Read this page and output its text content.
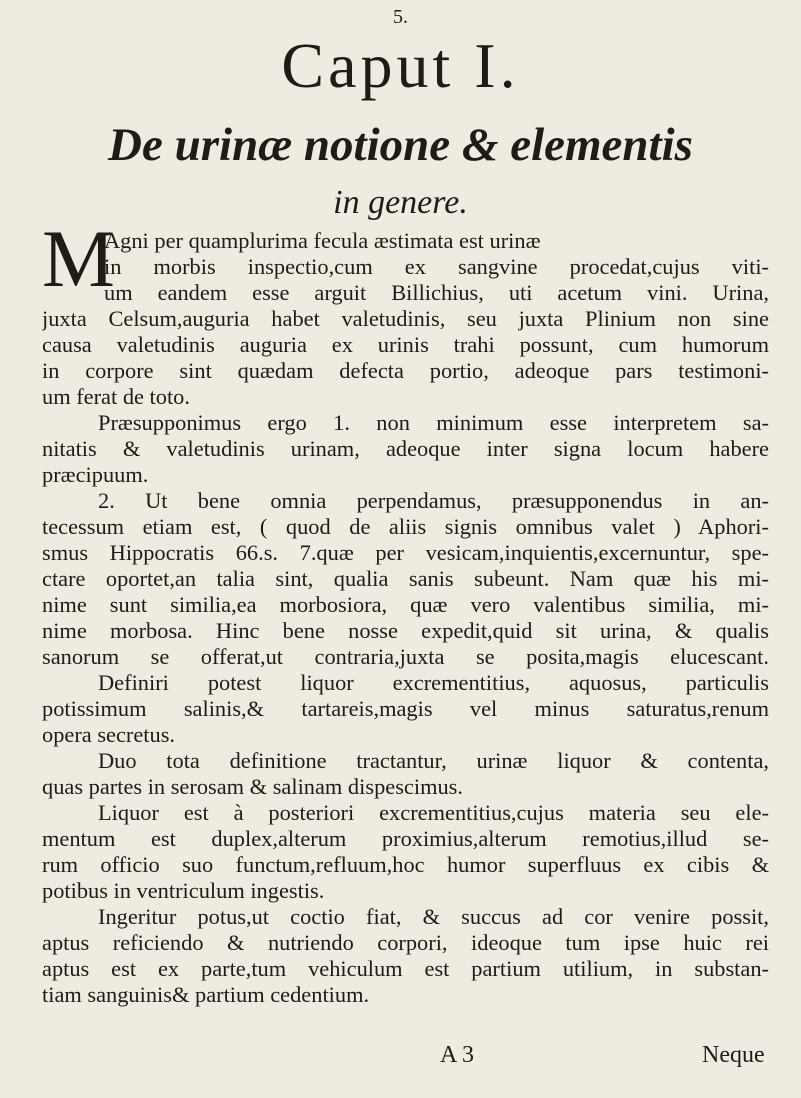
5.
Caput I.
De urinæ notione & elementis
in genere.
M
Agni per quamplurima fecula æstimata est urinæ
in morbis inspectio,cum ex sangvine procedat,cujus viti-
um eandem esse arguit Billichius, uti acetum vini. Urina,
juxta Celsum,auguria habet valetudinis, seu juxta Plinium non sine
causa valetudinis auguria ex urinis trahi possunt, cum humorum
in corpore sint quædam defecta portio, adeoque pars testimoni-
um ferat de toto.
Præsupponimus ergo 1. non minimum esse interpretem sa-
nitatis & valetudinis urinam, adeoque inter signa locum habere
præcipuum.
2. Ut bene omnia perpendamus, præsupponendus in an-
tecessum etiam est, ( quod de aliis signis omnibus valet ) Aphori-
smus Hippocratis 66.s. 7.quæ per vesicam,inquientis,excernuntur, spe-
ctare oportet,an talia sint, qualia sanis subeunt. Nam quæ his mi-
nime sunt similia,ea morbosiora, quæ vero valentibus similia, mi-
nime morbosa. Hinc bene nosse expedit,quid sit urina, & qualis
sanorum se offerat,ut contraria,juxta se posita,magis elucescant.
Definiri potest liquor excrementitius, aquosus, particulis
potissimum salinis,& tartareis,magis vel minus saturatus,renum
opera secretus.
Duo tota definitione tractantur, urinæ liquor & contenta,
quas partes in serosam & salinam dispescimus.
Liquor est à posteriori excrementitius,cujus materia seu ele-
mentum est duplex,alterum proximius,alterum remotius,illud se-
rum officio suo functum,refluum,hoc humor superfluus ex cibis &
potibus in ventriculum ingestis.
Ingeritur potus,ut coctio fiat, & succus ad cor venire possit,
aptus reficiendo & nutriendo corpori, ideoque tum ipse huic rei
aptus est ex parte,tum vehiculum est partium utilium, in substan-
tiam sanguinis& partium cedentium.
A 3	Neque
